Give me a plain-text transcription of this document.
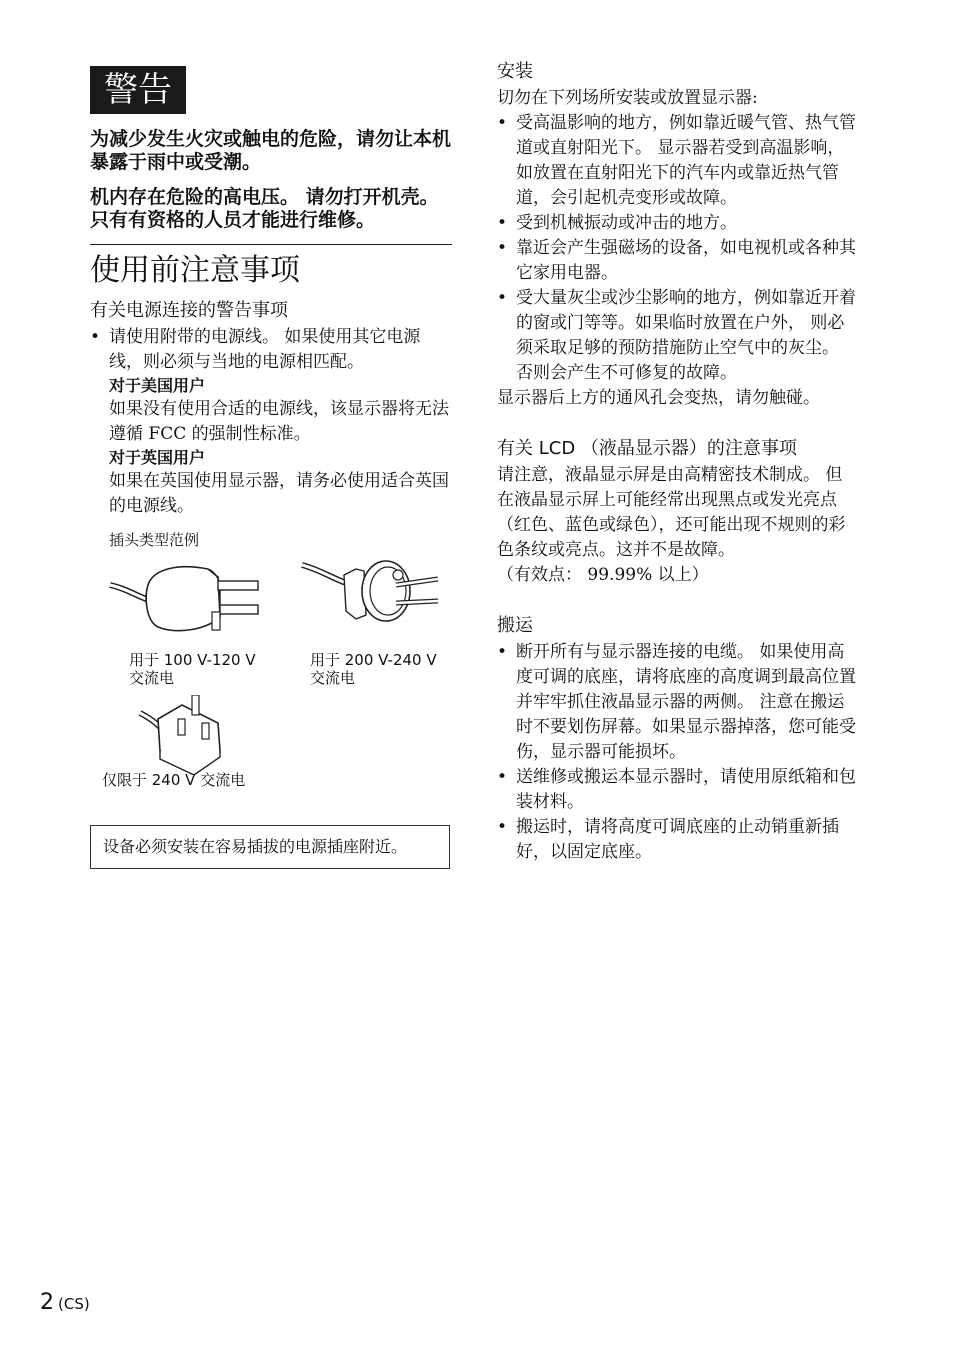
警告

为减少发生火灾或触电的危险，请勿让本机暴露于雨中或受潮。

机内存在危险的高电压。 请勿打开机壳。 只有有资格的人员才能进行维修。

使用前注意事项
有关电源连接的警告事项
• 请使用附带的电源线。 如果使用其它电源线，则必须与当地的电源相匹配。
对于美国用户
如果没有使用合适的电源线，该显示器将无法遵循 FCC 的强制性标准。
对于英国用户
如果在英国使用显示器，请务必使用适合英国的电源线。
插头类型范例
用于 100 V-120 V
交流电
用于 200 V-240 V
交流电
仅限于 240 V 交流电
设备必须安装在容易插拔的电源插座附近。
安装
切勿在下列场所安装或放置显示器:
• 受高温影响的地方，例如靠近暖气管、热气管道或直射阳光下。 显示器若受到高温影响，如放置在直射阳光下的汽车内或靠近热气管道，会引起机壳变形或故障。
• 受到机械振动或冲击的地方。
• 靠近会产生强磁场的设备，如电视机或各种其它家用电器。
• 受大量灰尘或沙尘影响的地方，例如靠近开着的窗或门等等。如果临时放置在户外， 则必须采取足够的预防措施防止空气中的灰尘。 否则会产生不可修复的故障。
显示器后上方的通风孔会变热，请勿触碰。
有关 LCD （液晶显示器）的注意事项
请注意，液晶显示屏是由高精密技术制成。 但在液晶显示屏上可能经常出现黑点或发光亮点 （红色、蓝色或绿色），还可能出现不规则的彩色条纹或亮点。这并不是故障。
（有效点： 99.99% 以上）
搬运
• 断开所有与显示器连接的电缆。 如果使用高度可调的底座，请将底座的高度调到最高位置并牢牢抓住液晶显示器的两侧。 注意在搬运时不要划伤屏幕。如果显示器掉落，您可能受伤，显示器可能损坏。
• 送维修或搬运本显示器时，请使用原纸箱和包装材料。
• 搬运时，请将高度可调底座的止动销重新插好，以固定底座。
2 (CS)
